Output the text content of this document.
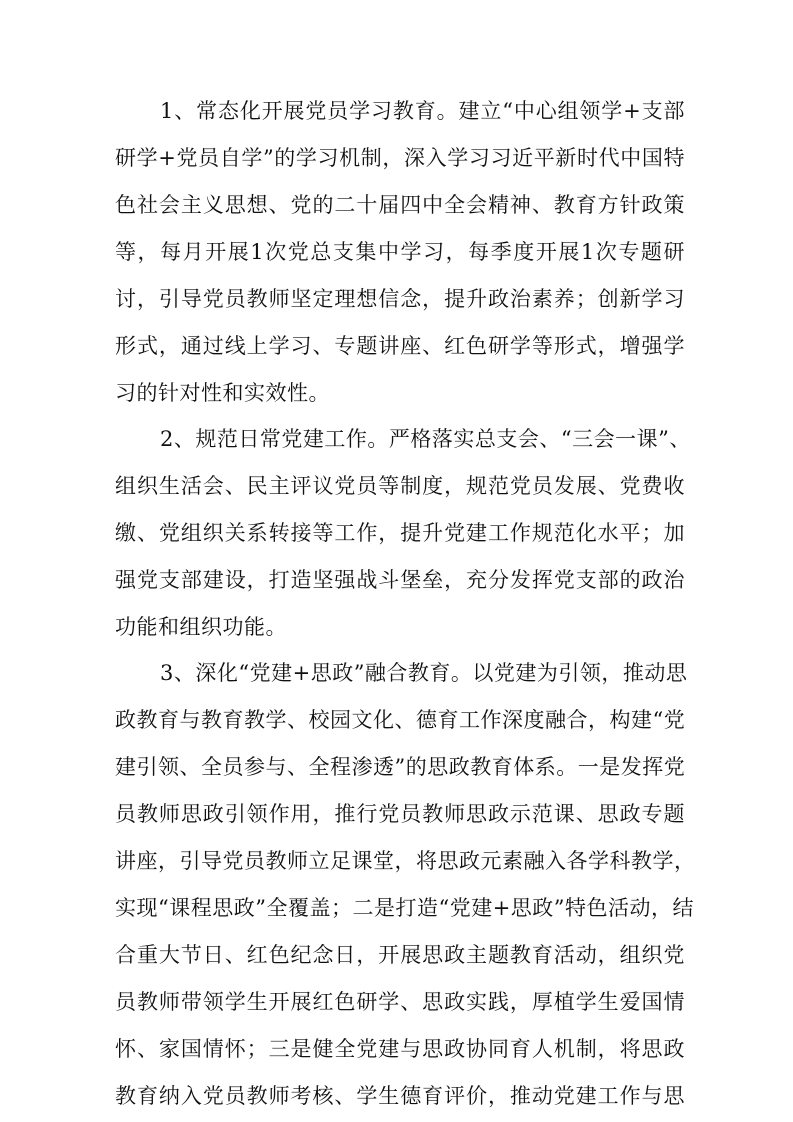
1、常态化开展党员学习教育。建立“中心组领学+支部

研学+党员自学”的学习机制，深入学习习近平新时代中国特

色社会主义思想、党的二十届四中全会精神、教育方针政策

等，每月开展1次党总支集中学习，每季度开展1次专题研

讨，引导党员教师坚定理想信念，提升政治素养；创新学习

形式，通过线上学习、专题讲座、红色研学等形式，增强学

习的针对性和实效性。

2、规范日常党建工作。严格落实总支会、“三会一课”、

组织生活会、民主评议党员等制度，规范党员发展、党费收

缴、党组织关系转接等工作，提升党建工作规范化水平；加

强党支部建设，打造坚强战斗堡垒，充分发挥党支部的政治

功能和组织功能。

3、深化“党建+思政”融合教育。以党建为引领，推动思

政教育与教育教学、校园文化、德育工作深度融合，构建“党

建引领、全员参与、全程渗透”的思政教育体系。一是发挥党

员教师思政引领作用，推行党员教师思政示范课、思政专题

讲座，引导党员教师立足课堂，将思政元素融入各学科教学，

实现“课程思政”全覆盖；二是打造“党建+思政”特色活动，结

合重大节日、红色纪念日，开展思政主题教育活动，组织党

员教师带领学生开展红色研学、思政实践，厚植学生爱国情

怀、家国情怀；三是健全党建与思政协同育人机制，将思政

教育纳入党员教师考核、学生德育评价，推动党建工作与思
